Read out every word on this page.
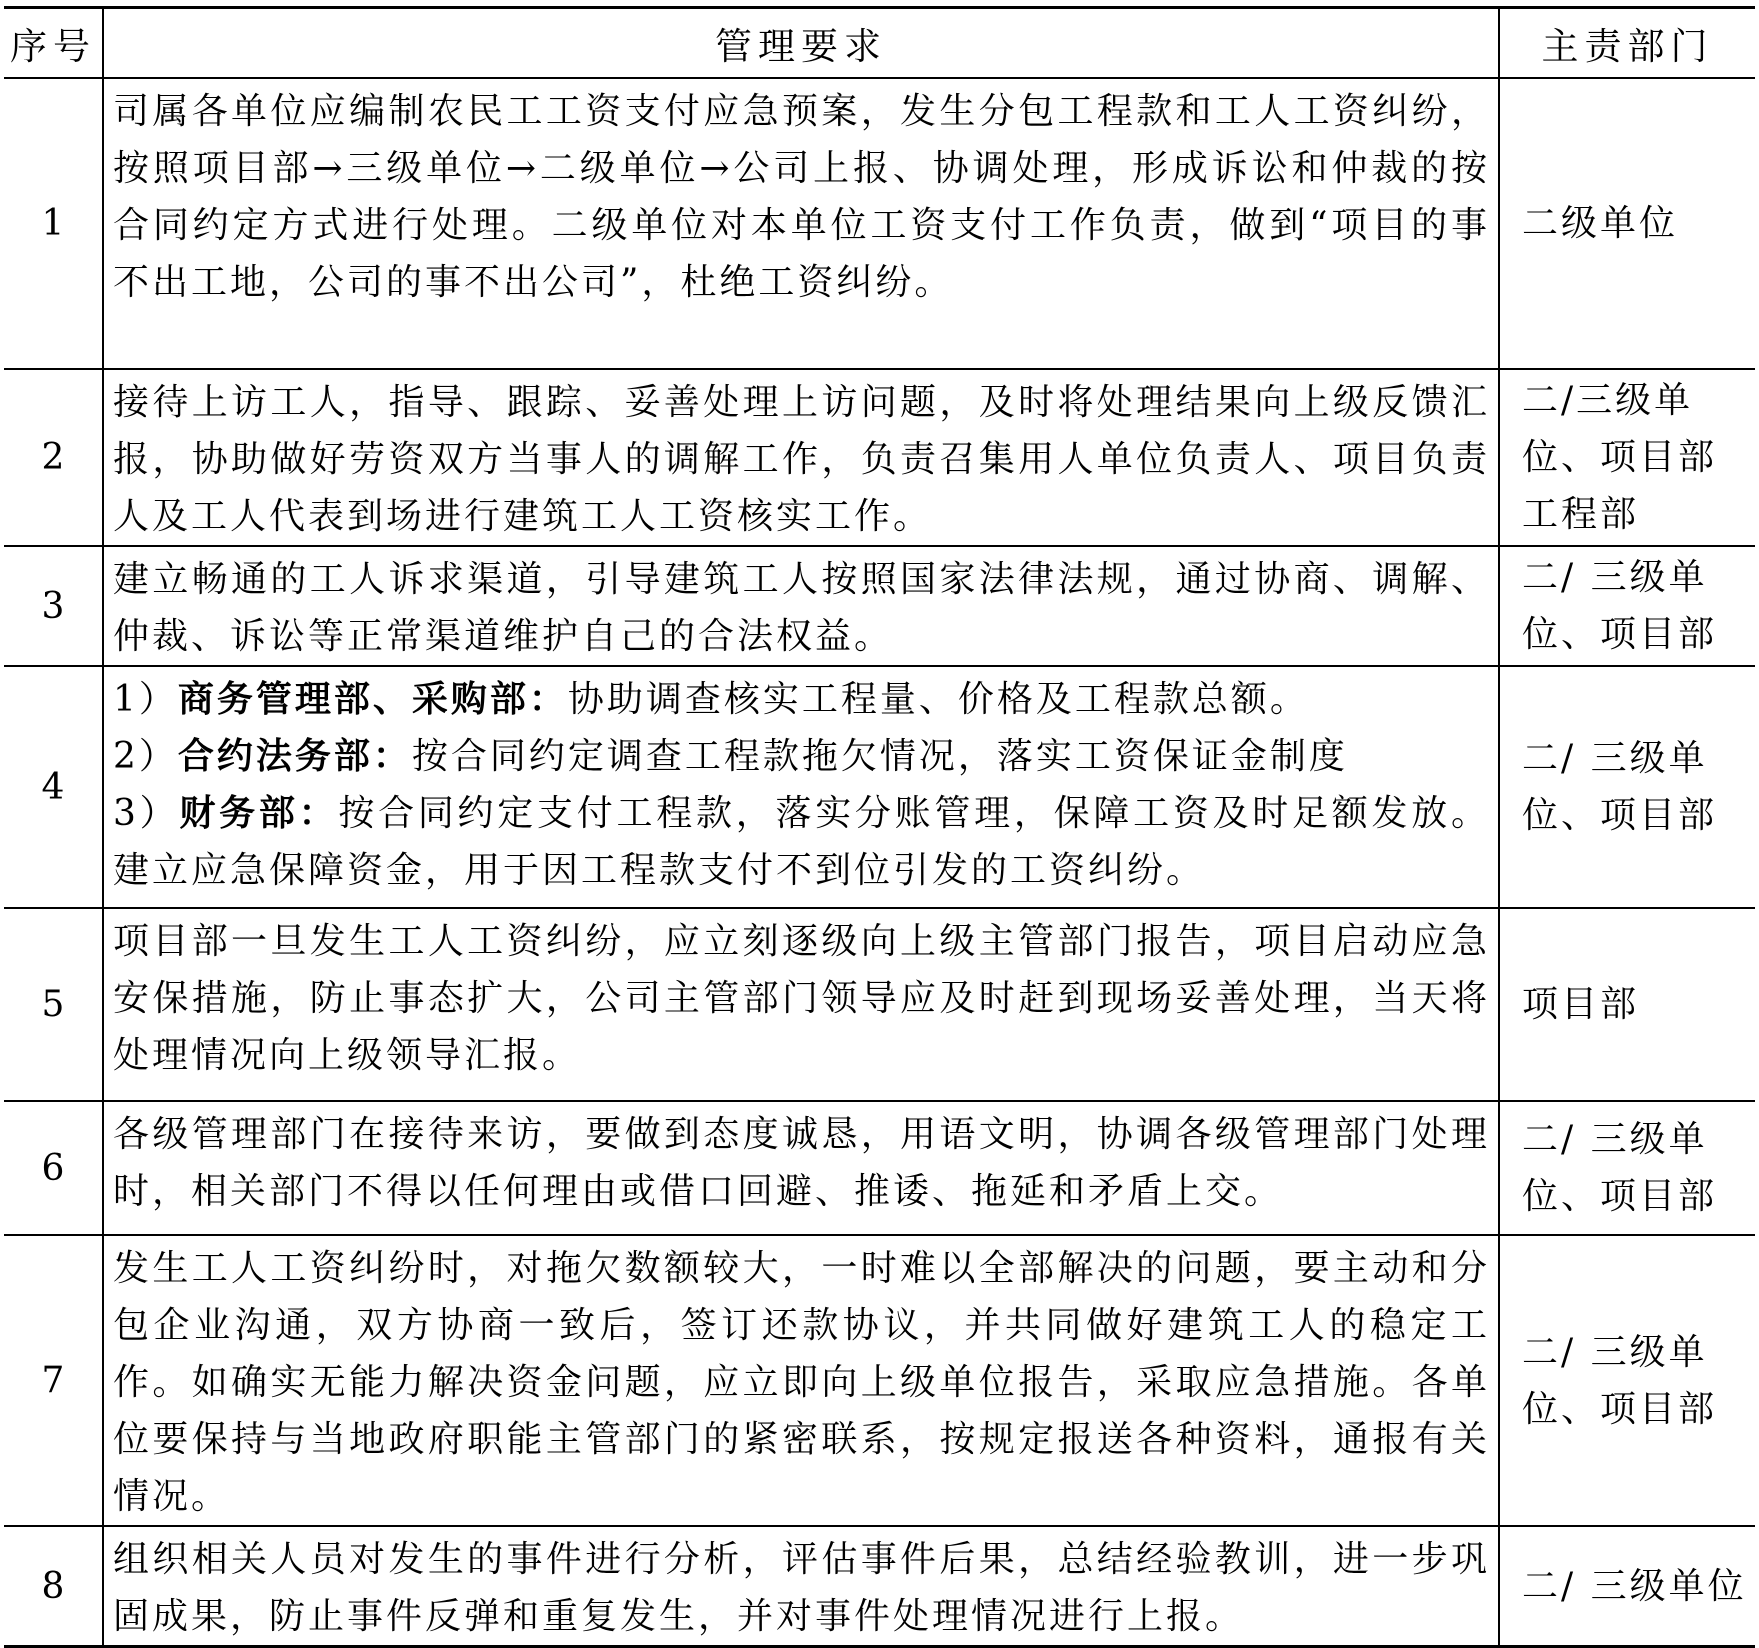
序号	管理要求	主责部门
1	司属各单位应编制农民工工资支付应急预案，发生分包工程款和工人工资纠纷，按照项目部→三级单位→二级单位→公司上报、协调处理，形成诉讼和仲裁的按合同约定方式进行处理。二级单位对本单位工资支付工作负责，做到“项目的事不出工地，公司的事不出公司”，杜绝工资纠纷。	二级单位
2	接待上访工人，指导、跟踪、妥善处理上访问题，及时将处理结果向上级反馈汇报，协助做好劳资双方当事人的调解工作，负责召集用人单位负责人、项目负责人及工人代表到场进行建筑工人工资核实工作。	二/三级单位、项目部工程部
3	建立畅通的工人诉求渠道，引导建筑工人按照国家法律法规，通过协商、调解、仲裁、诉讼等正常渠道维护自己的合法权益。	二/ 三级单位、项目部
4	1）商务管理部、采购部：协助调查核实工程量、价格及工程款总额。
2）合约法务部：按合同约定调查工程款拖欠情况，落实工资保证金制度
3）财务部：按合同约定支付工程款，落实分账管理，保障工资及时足额发放。建立应急保障资金，用于因工程款支付不到位引发的工资纠纷。	二/ 三级单位、项目部
5	项目部一旦发生工人工资纠纷，应立刻逐级向上级主管部门报告，项目启动应急安保措施，防止事态扩大，公司主管部门领导应及时赶到现场妥善处理，当天将处理情况向上级领导汇报。	项目部
6	各级管理部门在接待来访，要做到态度诚恳，用语文明，协调各级管理部门处理时，相关部门不得以任何理由或借口回避、推诿、拖延和矛盾上交。	二/ 三级单位、项目部
7	发生工人工资纠纷时，对拖欠数额较大，一时难以全部解决的问题，要主动和分包企业沟通，双方协商一致后，签订还款协议，并共同做好建筑工人的稳定工作。如确实无能力解决资金问题，应立即向上级单位报告，采取应急措施。各单位要保持与当地政府职能主管部门的紧密联系，按规定报送各种资料，通报有关情况。	二/ 三级单位、项目部
8	组织相关人员对发生的事件进行分析，评估事件后果，总结经验教训，进一步巩固成果，防止事件反弹和重复发生，并对事件处理情况进行上报。	二/ 三级单位
